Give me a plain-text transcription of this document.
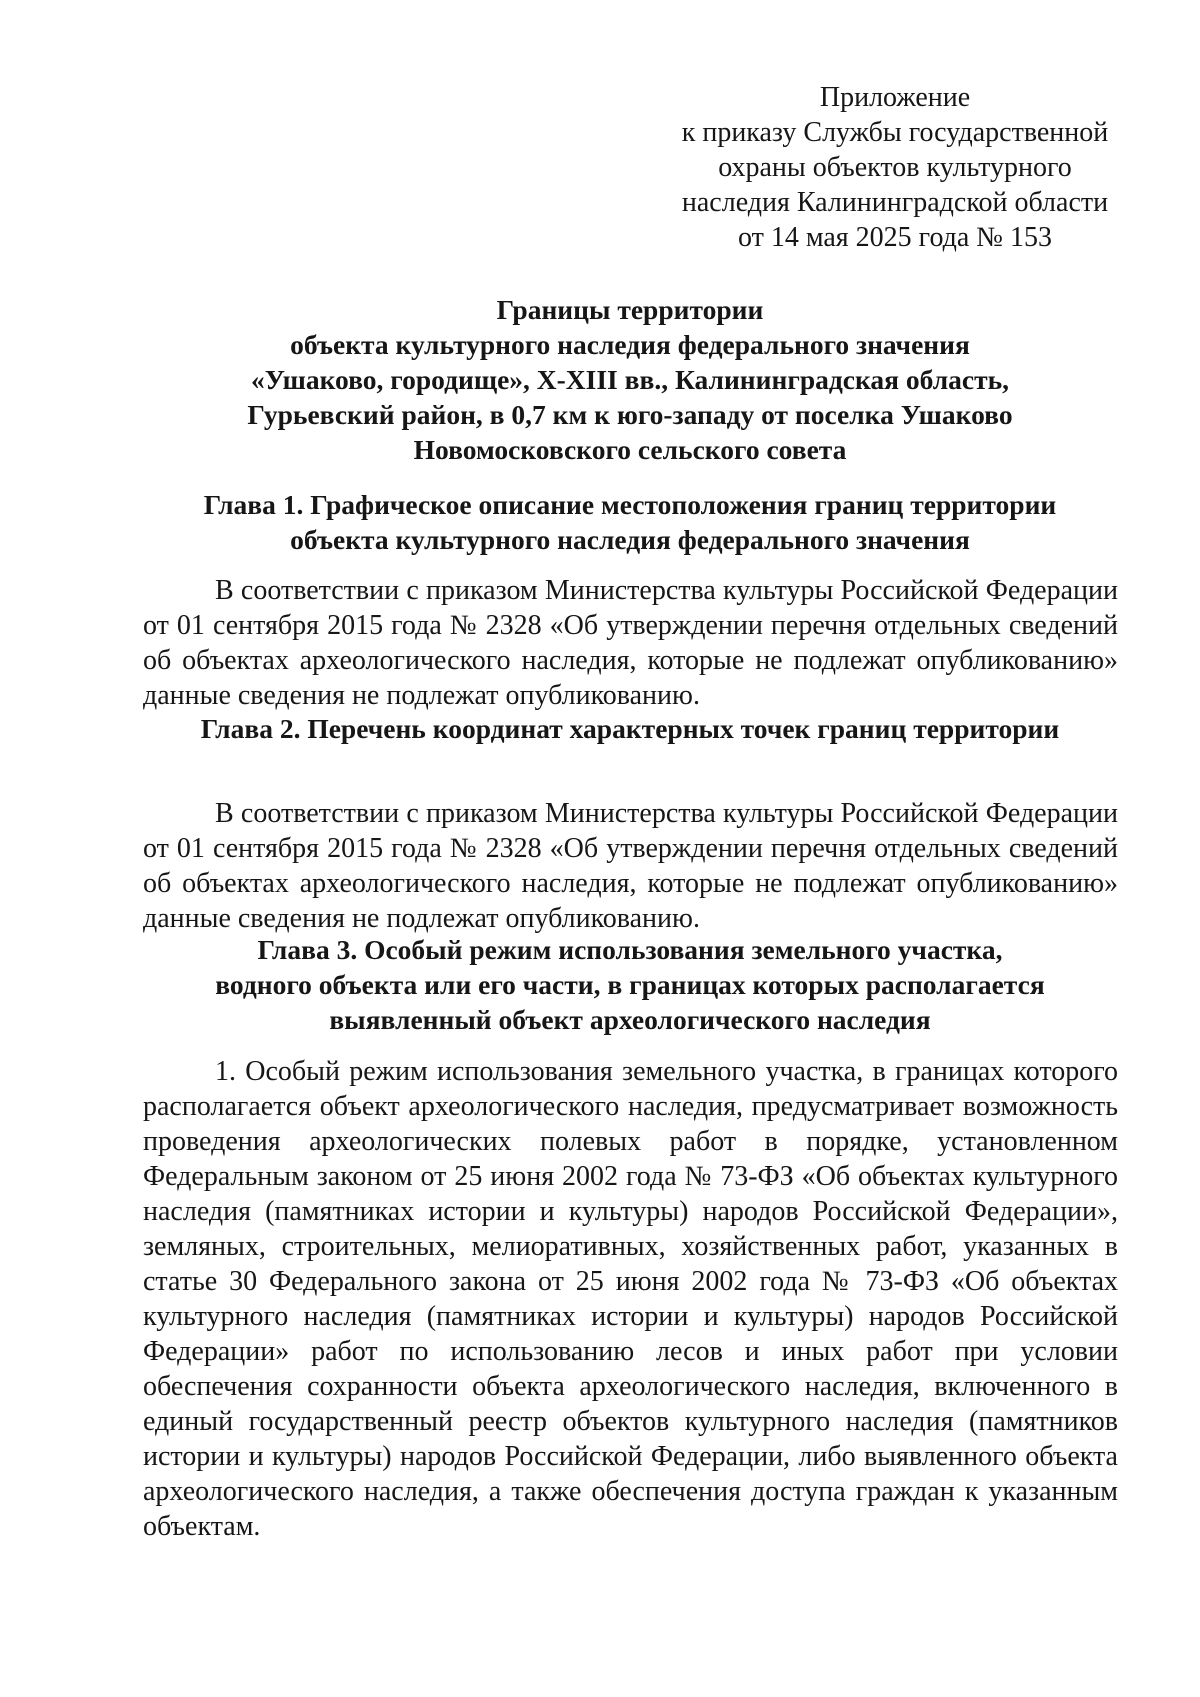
Приложение
к приказу Службы государственной
охраны объектов культурного
наследия Калининградской области
от 14 мая 2025 года № 153
Границы территории
объекта культурного наследия федерального значения
«Ушаково, городище», X-XIII вв., Калининградская область,
Гурьевский район, в 0,7 км к юго-западу от поселка Ушаково
Новомосковского сельского совета
Глава 1. Графическое описание местоположения границ территории
объекта культурного наследия федерального значения
В соответствии с приказом Министерства культуры Российской Федерации от 01 сентября 2015 года № 2328 «Об утверждении перечня отдельных сведений об объектах археологического наследия, которые не подлежат опубликованию» данные сведения не подлежат опубликованию.
Глава 2. Перечень координат характерных точек границ территории
В соответствии с приказом Министерства культуры Российской Федерации от 01 сентября 2015 года № 2328 «Об утверждении перечня отдельных сведений об объектах археологического наследия, которые не подлежат опубликованию» данные сведения не подлежат опубликованию.
Глава 3. Особый режим использования земельного участка,
водного объекта или его части, в границах которых располагается
выявленный объект археологического наследия
1. Особый режим использования земельного участка, в границах которого располагается объект археологического наследия, предусматривает возможность проведения археологических полевых работ в порядке, установленном Федеральным законом от 25 июня 2002 года № 73-ФЗ «Об объектах культурного наследия (памятниках истории и культуры) народов Российской Федерации», земляных, строительных, мелиоративных, хозяйственных работ, указанных в статье 30 Федерального закона от 25 июня 2002 года № 73-ФЗ «Об объектах культурного наследия (памятниках истории и культуры) народов Российской Федерации» работ по использованию лесов и иных работ при условии обеспечения сохранности объекта археологического наследия, включенного в единый государственный реестр объектов культурного наследия (памятников истории и культуры) народов Российской Федерации, либо выявленного объекта археологического наследия, а также обеспечения доступа граждан к указанным объектам.
